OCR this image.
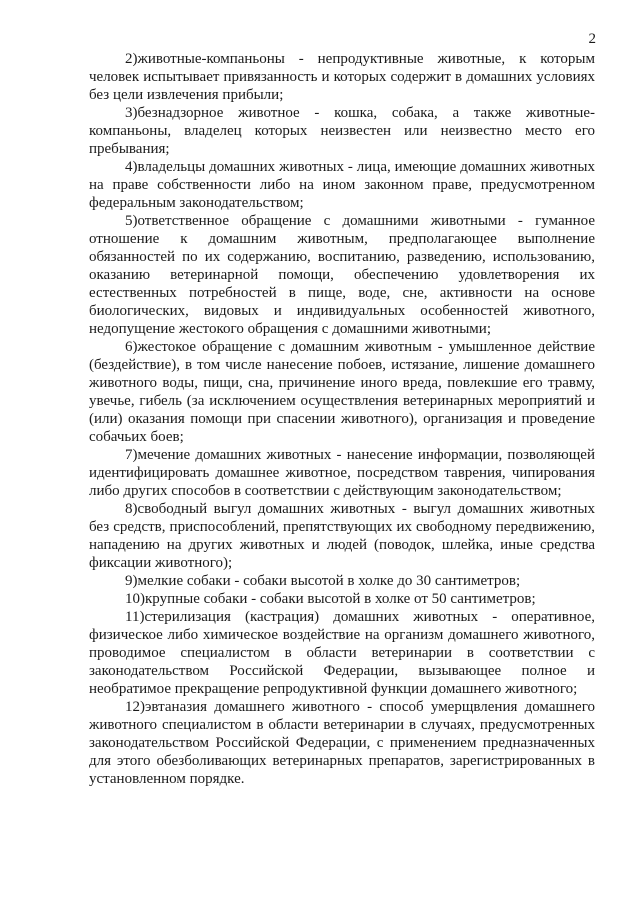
2

2)животные-компаньоны - непродуктивные животные, к которым человек испытывает привязанность и которых содержит в домашних условиях без цели извлечения прибыли;

3)безнадзорное животное - кошка, собака, а также животные-компаньоны, владелец которых неизвестен или неизвестно место его пребывания;

4)владельцы домашних животных - лица, имеющие домашних животных на праве собственности либо на ином законном праве, предусмотренном федеральным законодательством;

5)ответственное обращение с домашними животными - гуманное отношение к домашним животным, предполагающее выполнение обязанностей по их содержанию, воспитанию, разведению, использованию, оказанию ветеринарной помощи, обеспечению удовлетворения их естественных потребностей в пище, воде, сне, активности на основе биологических, видовых и индивидуальных особенностей животного, недопущение жестокого обращения с домашними животными;

6)жестокое обращение с домашним животным - умышленное действие (бездействие), в том числе нанесение побоев, истязание, лишение домашнего животного воды, пищи, сна, причинение иного вреда, повлекшие его травму, увечье, гибель (за исключением осуществления ветеринарных мероприятий и (или) оказания помощи при спасении животного), организация и проведение собачьих боев;

7)мечение домашних животных - нанесение информации, позволяющей идентифицировать домашнее животное, посредством таврения, чипирования либо других способов в соответствии с действующим законодательством;

8)свободный выгул домашних животных - выгул домашних животных без средств, приспособлений, препятствующих их свободному передвижению, нападению на других животных и людей (поводок, шлейка, иные средства фиксации животного);

9)мелкие собаки - собаки высотой в холке до 30 сантиметров;

10)крупные собаки - собаки высотой в холке от 50 сантиметров;

11)стерилизация (кастрация) домашних животных - оперативное, физическое либо химическое воздействие на организм домашнего животного, проводимое специалистом в области ветеринарии в соответствии с законодательством Российской Федерации, вызывающее полное и необратимое прекращение репродуктивной функции домашнего животного;

12)эвтаназия домашнего животного - способ умерщвления домашнего животного специалистом в области ветеринарии в случаях, предусмотренных законодательством Российской Федерации, с применением предназначенных для этого обезболивающих ветеринарных препаратов, зарегистрированных в установленном порядке.
